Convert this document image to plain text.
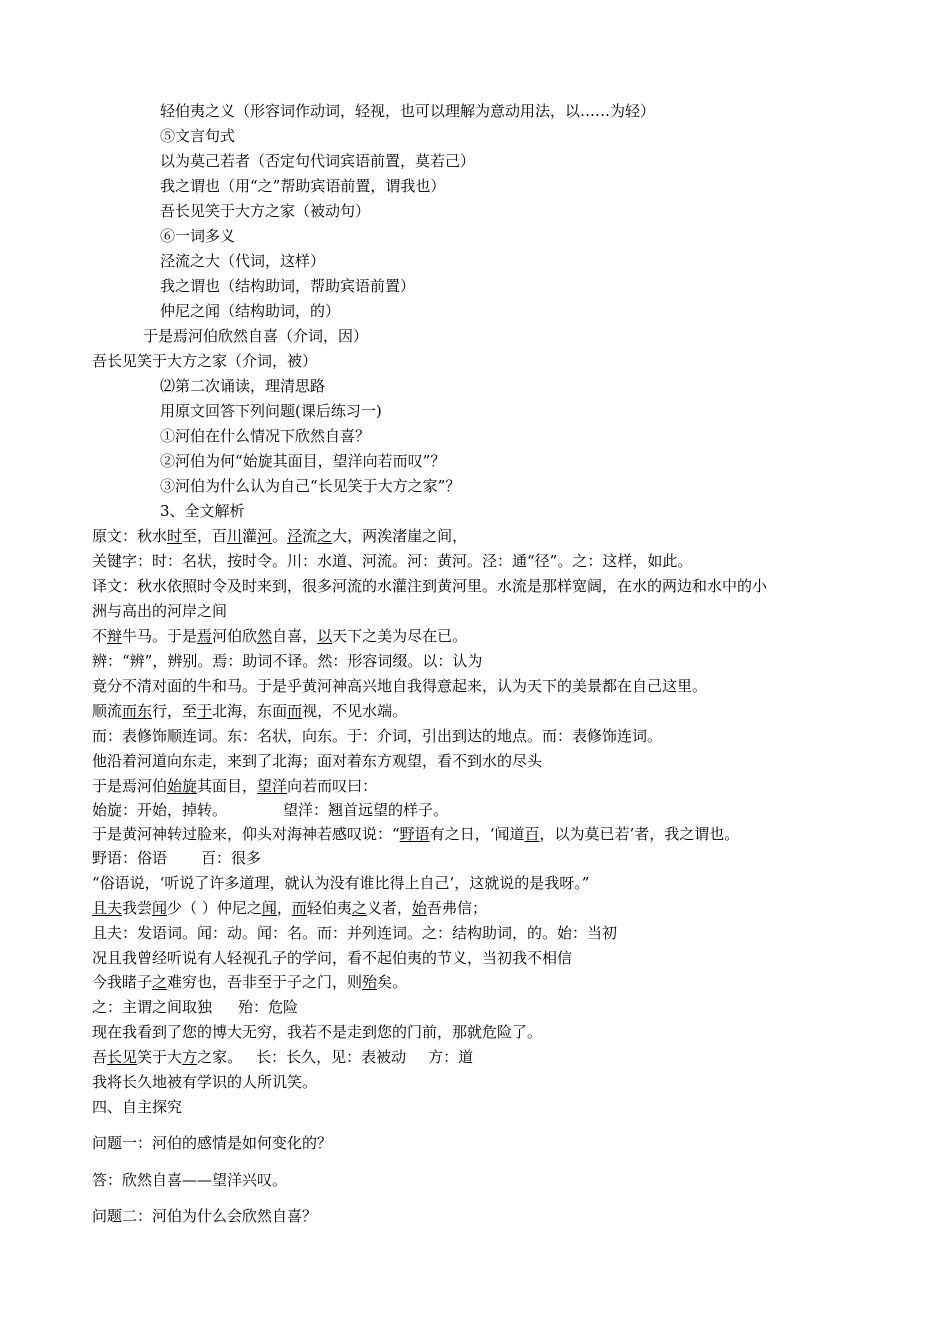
轻伯夷之义（形容词作动词，轻视，也可以理解为意动用法，以……为轻）

⑤文言句式

以为莫己若者（否定句代词宾语前置，莫若己）

我之谓也（用“之”帮助宾语前置，谓我也）

吾长见笑于大方之家（被动句）

⑥一词多义

泾流之大（代词，这样）

我之谓也（结构助词，帮助宾语前置）

仲尼之闻（结构助词，的）

于是焉河伯欣然自喜（介词，因）

吾长见笑于大方之家（介词，被）

⑵第二次诵读，理清思路

用原文回答下列问题(课后练习一)

①河伯在什么情况下欣然自喜？

②河伯为何“始旋其面目，望洋向若而叹”？

③河伯为什么认为自己“长见笑于大方之家”？

3、全文解析

原文：秋水时至，百川灌河。泾流之大，两涘渚崖之间，

关键字：时：名状，按时令。川：水道、河流。河：黄河。泾：通“径”。之：这样，如此。

译文：秋水依照时令及时来到，很多河流的水灌注到黄河里。水流是那样宽阔，在水的两边和水中的小

洲与高出的河岸之间

不辩牛马。于是焉河伯欣然自喜，以天下之美为尽在已。

辨：“辨”，辨别。焉：助词不译。然：形容词缀。以：认为

竟分不清对面的牛和马。于是乎黄河神高兴地自我得意起来，认为天下的美景都在自己这里。

顺流而东行，至于北海，东面而视，不见水端。

而：表修饰顺连词。东：名状，向东。于：介词，引出到达的地点。而：表修饰连词。

他沿着河道向东走，来到了北海；面对着东方观望，看不到水的尽头

于是焉河伯始旋其面目，望洋向若而叹曰：

始旋：开始，掉转。	望洋：翘首远望的样子。

于是黄河神转过脸来，仰头对海神若感叹说：“野语有之日，‘闻道百，以为莫已若’者，我之谓也。

野语：俗语 百：很多

“俗语说，‘听说了许多道理，就认为没有谁比得上自己’，这就说的是我呀。”

且夫我尝闻少（ ）仲尼之闻，而轻伯夷之义者，始吾弗信；

且夫：发语词。闻：动。闻：名。而：并列连词。之：结构助词，的。始：当初

况且我曾经听说有人轻视孔子的学问，看不起伯夷的节义，当初我不相信

今我睹子之难穷也，吾非至于子之门，则殆矣。

之：主谓之间取独 殆：危险

现在我看到了您的博大无穷，我若不是走到您的门前，那就危险了。

吾长见笑于大方之家。 长：长久，见：表被动 方：道

我将长久地被有学识的人所讥笑。

四、自主探究

问题一：河伯的感情是如何变化的？

答：欣然自喜——望洋兴叹。

问题二：河伯为什么会欣然自喜？
